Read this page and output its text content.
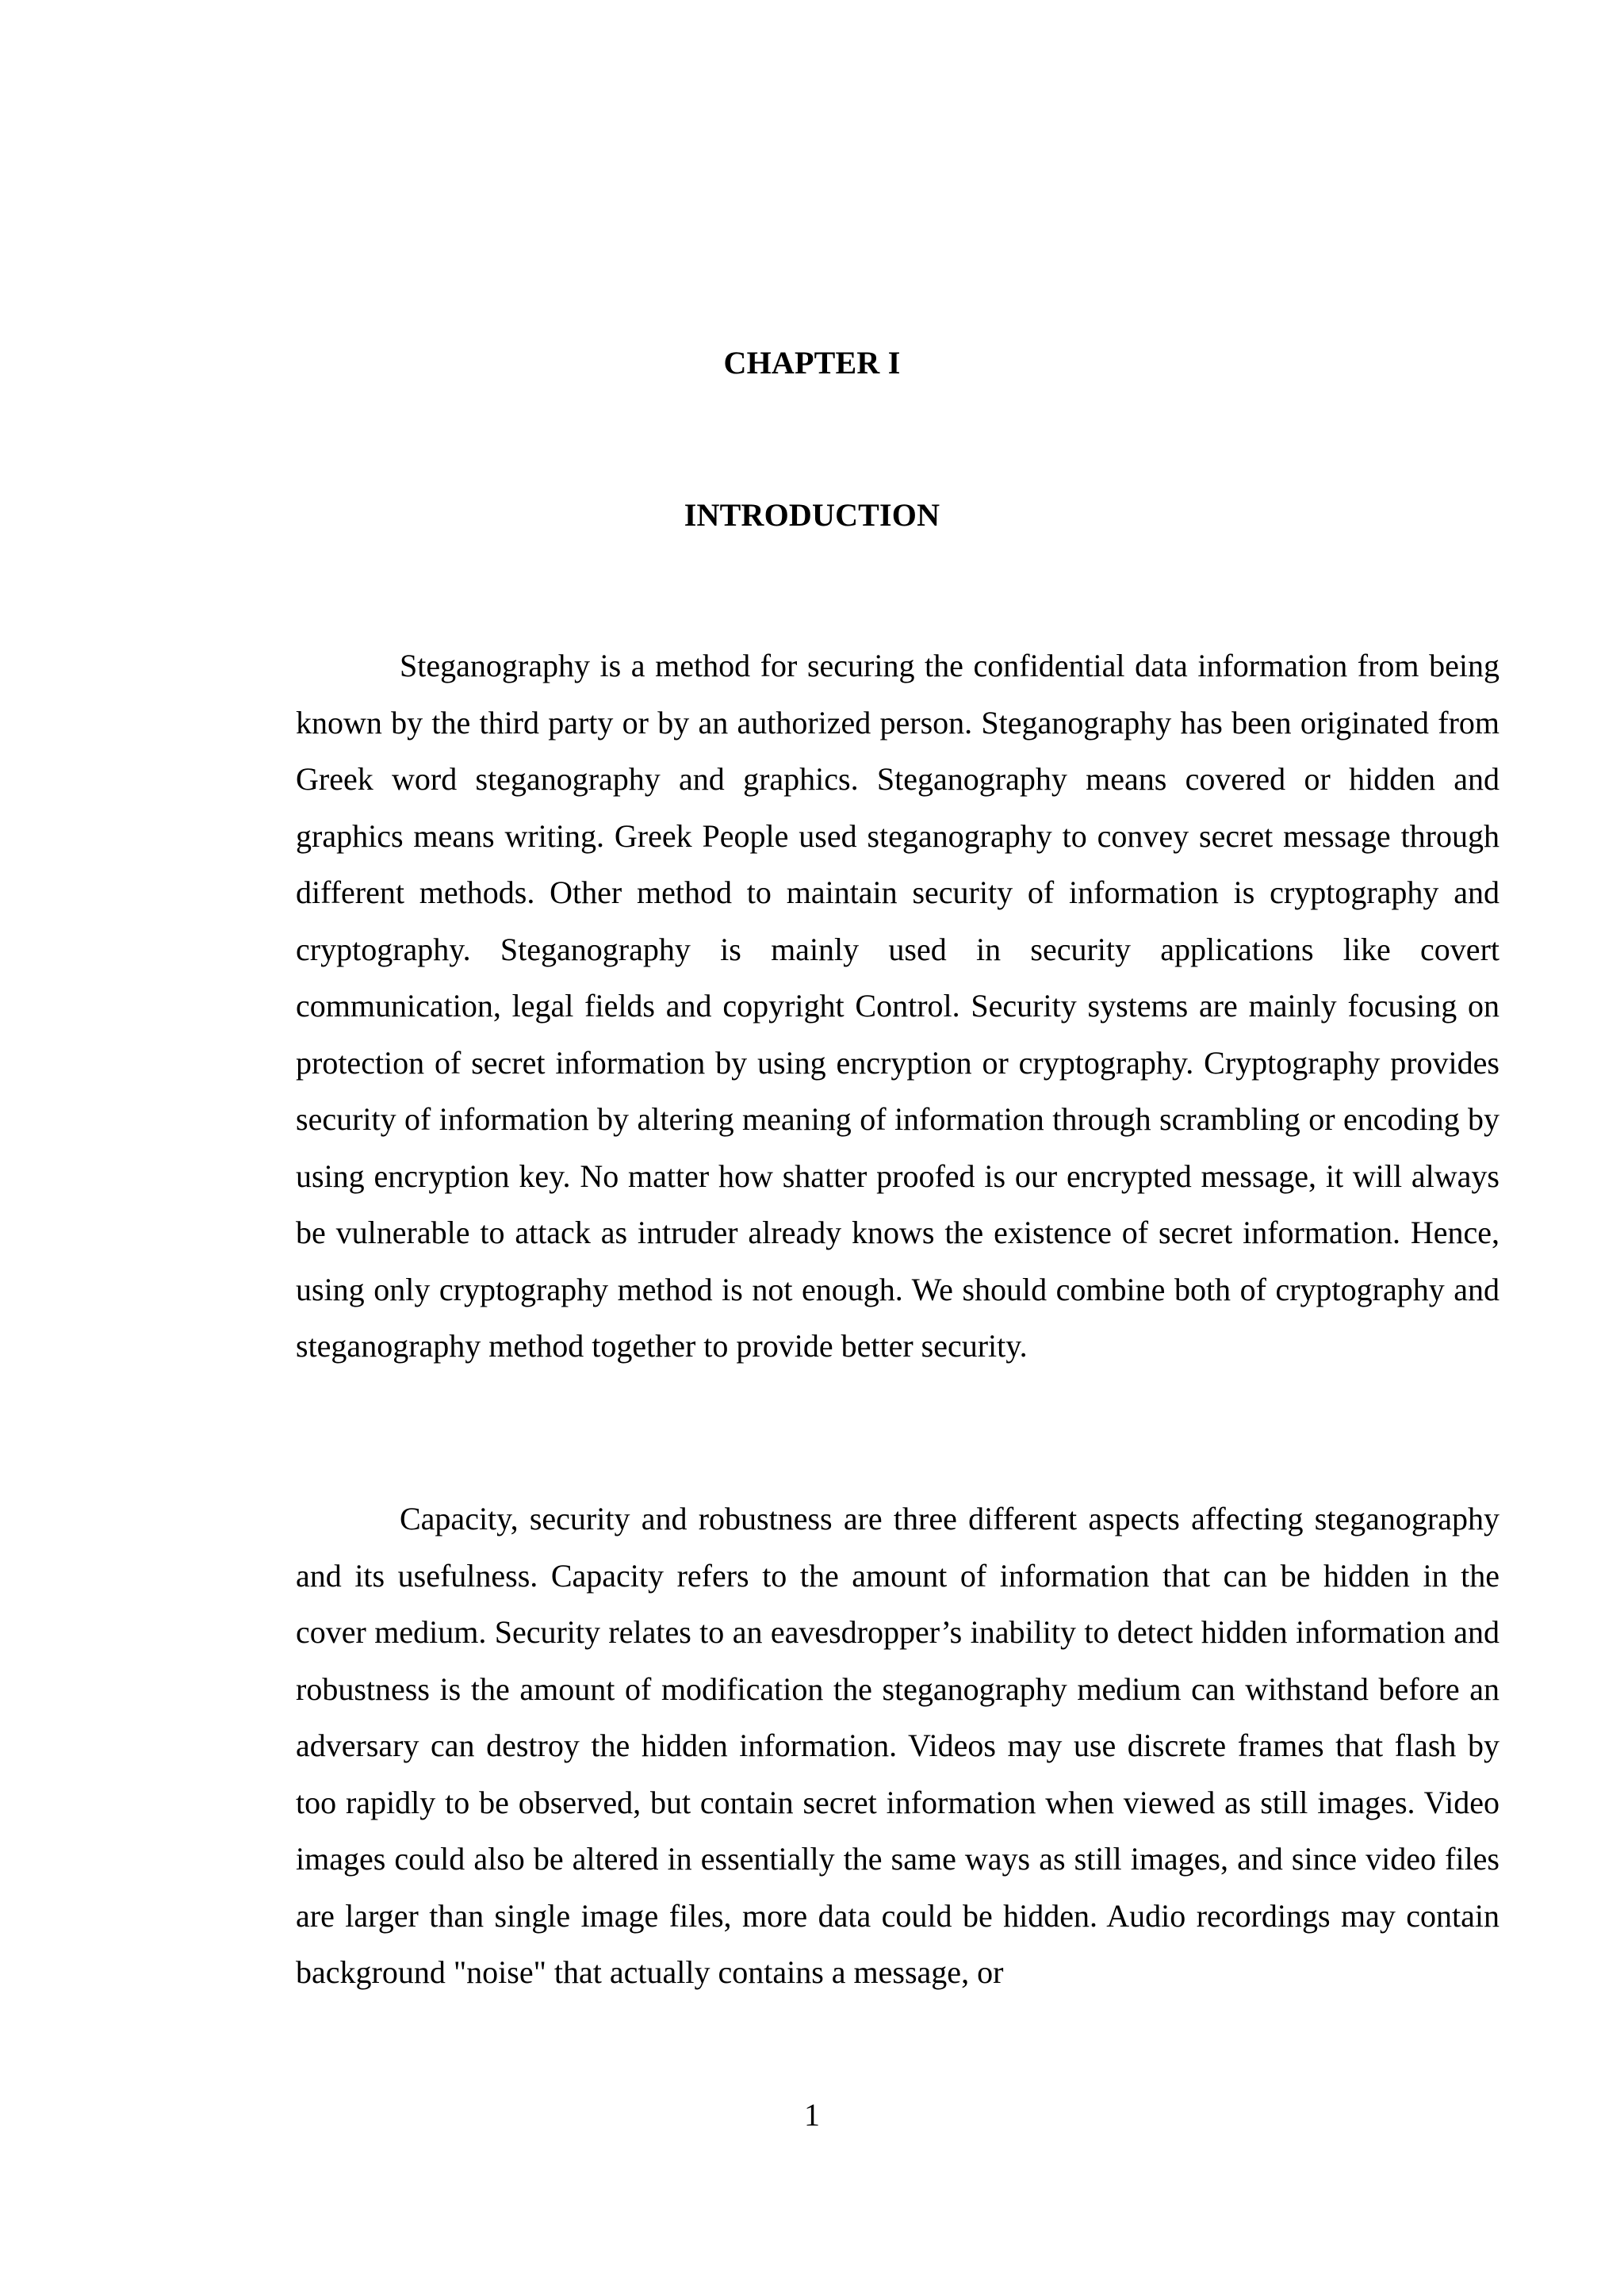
CHAPTER I
INTRODUCTION

Steganography is a method for securing the confidential data information from being known by the third party or by an authorized person. Steganography has been originated from Greek word steganography and graphics. Steganography means covered or hidden and graphics means writing. Greek People used steganography to convey secret message through different methods. Other method to maintain security of information is cryptography and cryptography. Steganography is mainly used in security applications like covert communication, legal fields and copyright Control. Security systems are mainly focusing on protection of secret information by using encryption or cryptography. Cryptography provides security of information by altering meaning of information through scrambling or encoding by using encryption key. No matter how shatter proofed is our encrypted message, it will always be vulnerable to attack as intruder already knows the existence of secret information. Hence, using only cryptography method is not enough. We should combine both of cryptography and steganography method together to provide better security.

Capacity, security and robustness are three different aspects affecting steganography and its usefulness. Capacity refers to the amount of information that can be hidden in the cover medium. Security relates to an eavesdropper’s inability to detect hidden information and robustness is the amount of modification the steganography medium can withstand before an adversary can destroy the hidden information. Videos may use discrete frames that flash by too rapidly to be observed, but contain secret information when viewed as still images. Video images could also be altered in essentially the same ways as still images, and since video files are larger than single image files, more data could be hidden. Audio recordings may contain background "noise" that actually contains a message, or

1
